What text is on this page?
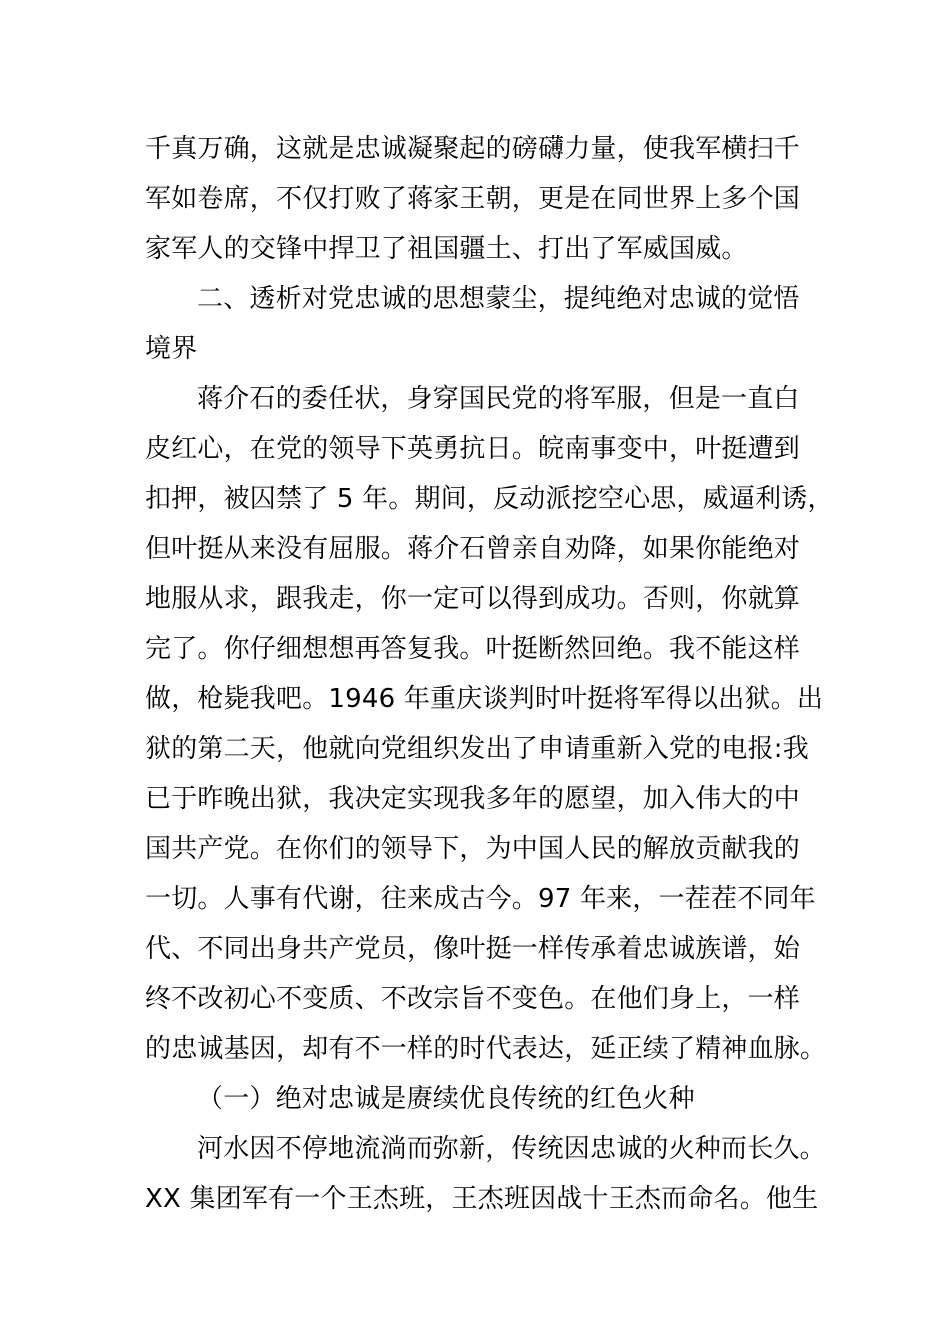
千真万确，这就是忠诚凝聚起的磅礴力量，使我军横扫千
军如卷席，不仅打败了蒋家王朝，更是在同世界上多个国
家军人的交锋中捍卫了祖国疆土、打出了军威国威。
二、透析对党忠诚的思想蒙尘，提纯绝对忠诚的觉悟
境界
蒋介石的委任状，身穿国民党的将军服，但是一直白
皮红心，在党的领导下英勇抗日。皖南事变中，叶挺遭到
扣押，被囚禁了 5 年。期间，反动派挖空心思，威逼利诱，
但叶挺从来没有屈服。蒋介石曾亲自劝降，如果你能绝对
地服从求，跟我走，你一定可以得到成功。否则，你就算
完了。你仔细想想再答复我。叶挺断然回绝。我不能这样
做，枪毙我吧。1946 年重庆谈判时叶挺将军得以出狱。出
狱的第二天，他就向党组织发出了申请重新入党的电报:我
已于昨晚出狱，我决定实现我多年的愿望，加入伟大的中
国共产党。在你们的领导下，为中国人民的解放贡献我的
一切。人事有代谢，往来成古今。97 年来，一茬茬不同年
代、不同出身共产党员，像叶挺一样传承着忠诚族谱，始
终不改初心不变质、不改宗旨不变色。在他们身上，一样
的忠诚基因，却有不一样的时代表达，延正续了精神血脉。
（一）绝对忠诚是赓续优良传统的红色火种
河水因不停地流淌而弥新，传统因忠诚的火种而长久。
XX 集团军有一个王杰班，王杰班因战十王杰而命名。他生
